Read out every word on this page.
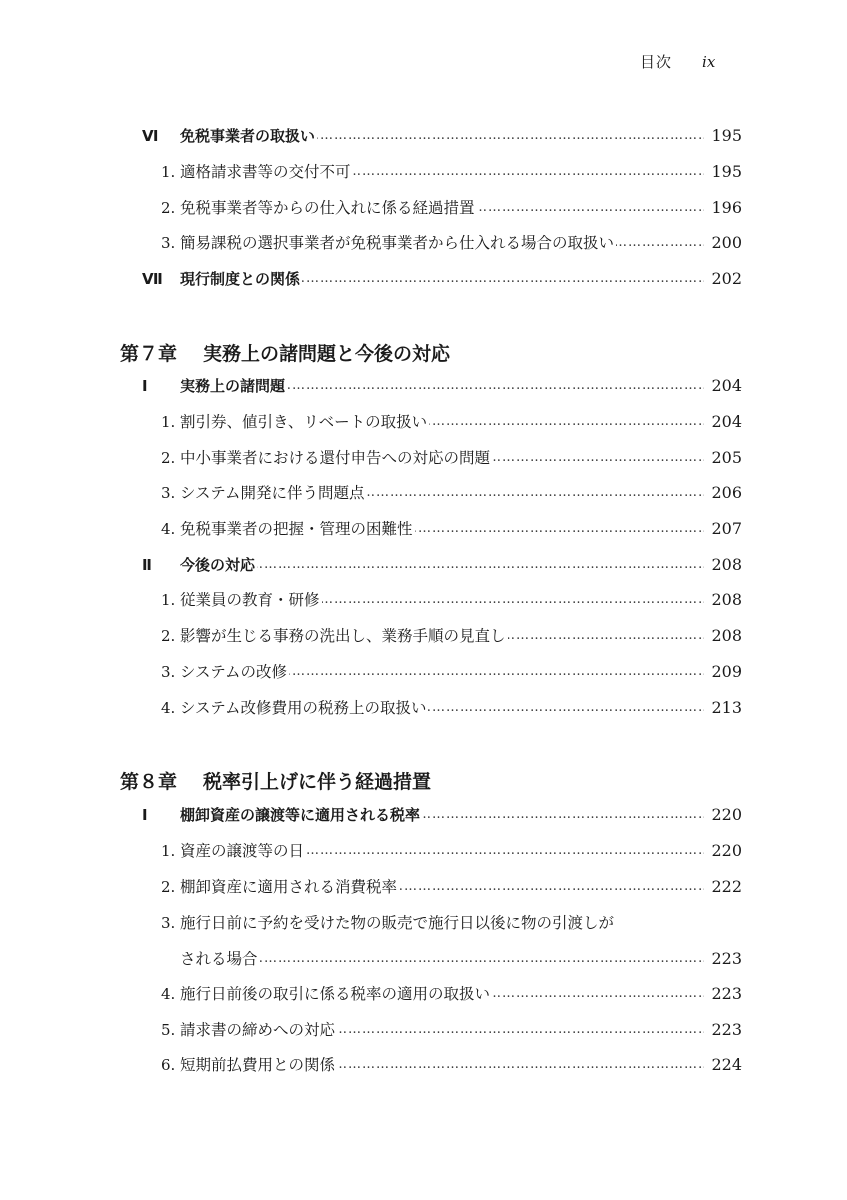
目次 ix
Ⅵ ………………………………………………………………………………………………………………………………………………………………………………………………… 免税事業者の取扱い	195
1. ………………………………………………………………………………………………………………………………………………………………………………………………… 適格請求書等の交付不可	195
2. ………………………………………………………………………………………………………………………………………………………………………………………………… 免税事業者等からの仕入れに係る経過措置	196
3. ………………………………………………………………………………………………………………………………………………………………………………………………… 簡易課税の選択事業者が免税事業者から仕入れる場合の取扱い	200
Ⅶ ………………………………………………………………………………………………………………………………………………………………………………………………… 現行制度との関係	202
第７章 実務上の諸問題と今後の対応
Ⅰ ………………………………………………………………………………………………………………………………………………………………………………………………… 実務上の諸問題	204
1. ………………………………………………………………………………………………………………………………………………………………………………………………… 割引券、値引き、リベートの取扱い	204
2. ………………………………………………………………………………………………………………………………………………………………………………………………… 中小事業者における還付申告への対応の問題	205
3. ………………………………………………………………………………………………………………………………………………………………………………………………… システム開発に伴う問題点	206
4. ………………………………………………………………………………………………………………………………………………………………………………………………… 免税事業者の把握・管理の困難性	207
Ⅱ ………………………………………………………………………………………………………………………………………………………………………………………………… 今後の対応	208
1. ………………………………………………………………………………………………………………………………………………………………………………………………… 従業員の教育・研修	208
2. ………………………………………………………………………………………………………………………………………………………………………………………………… 影響が生じる事務の洗出し、業務手順の見直し	208
3. ………………………………………………………………………………………………………………………………………………………………………………………………… システムの改修	209
4. ………………………………………………………………………………………………………………………………………………………………………………………………… システム改修費用の税務上の取扱い	213
第８章 税率引上げに伴う経過措置
Ⅰ ………………………………………………………………………………………………………………………………………………………………………………………………… 棚卸資産の譲渡等に適用される税率	220
1. ………………………………………………………………………………………………………………………………………………………………………………………………… 資産の譲渡等の日	220
2. ………………………………………………………………………………………………………………………………………………………………………………………………… 棚卸資産に適用される消費税率	222
3. 施行日前に予約を受けた物の販売で施行日以後に物の引渡しが
…………………………………………………………………………………………………………………………………………………………………………………………………
される場合	223
4. ………………………………………………………………………………………………………………………………………………………………………………………………… 施行日前後の取引に係る税率の適用の取扱い	223
5. ………………………………………………………………………………………………………………………………………………………………………………………………… 請求書の締めへの対応	223
6. ………………………………………………………………………………………………………………………………………………………………………………………………… 短期前払費用との関係	224
